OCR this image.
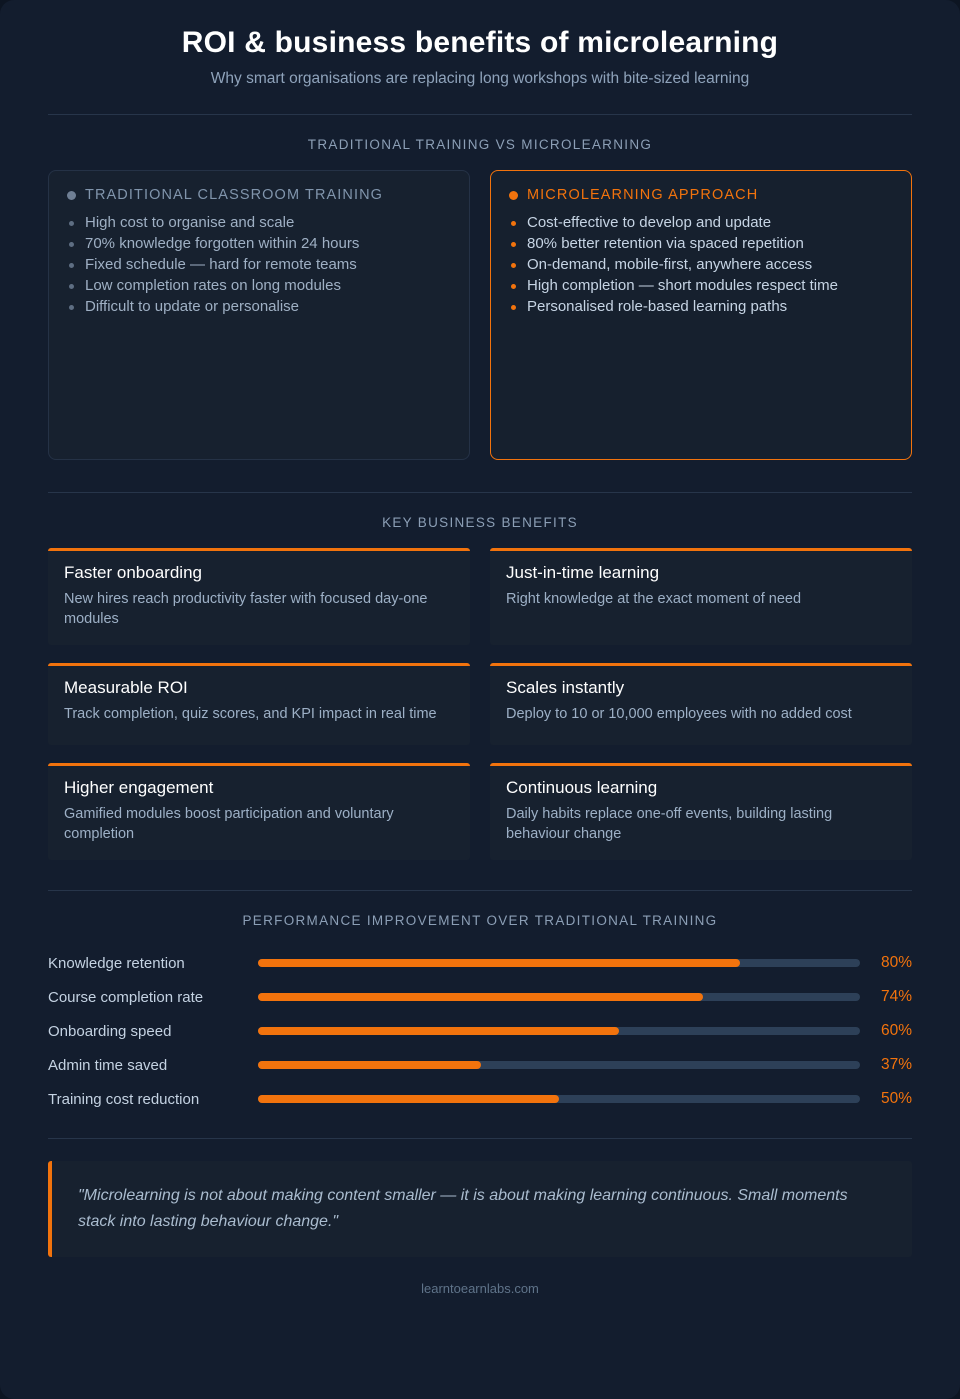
ROI & business benefits of microlearning

Why smart organisations are replacing long workshops with bite-sized learning

TRADITIONAL TRAINING VS MICROLEARNING
TRADITIONAL CLASSROOM TRAINING
High cost to organise and scale
70% knowledge forgotten within 24 hours
Fixed schedule — hard for remote teams
Low completion rates on long modules
Difficult to update or personalise
MICROLEARNING APPROACH
Cost-effective to develop and update
80% better retention via spaced repetition
On-demand, mobile-first, anywhere access
High completion — short modules respect time
Personalised role-based learning paths
KEY BUSINESS BENEFITS
Faster onboarding

New hires reach productivity faster with focused day-one modules

Just-in-time learning

Right knowledge at the exact moment of need

Measurable ROI

Track completion, quiz scores, and KPI impact in real time

Scales instantly

Deploy to 10 or 10,000 employees with no added cost

Higher engagement

Gamified modules boost participation and voluntary completion

Continuous learning

Daily habits replace one-off events, building lasting behaviour change

PERFORMANCE IMPROVEMENT OVER TRADITIONAL TRAINING
Knowledge retention	80%
Course completion rate	74%
Onboarding speed	60%
Admin time saved	37%
Training cost reduction	50%

"Microlearning is not about making content smaller — it is about making learning continuous. Small moments stack into lasting behaviour change."

learntoearnlabs.com
